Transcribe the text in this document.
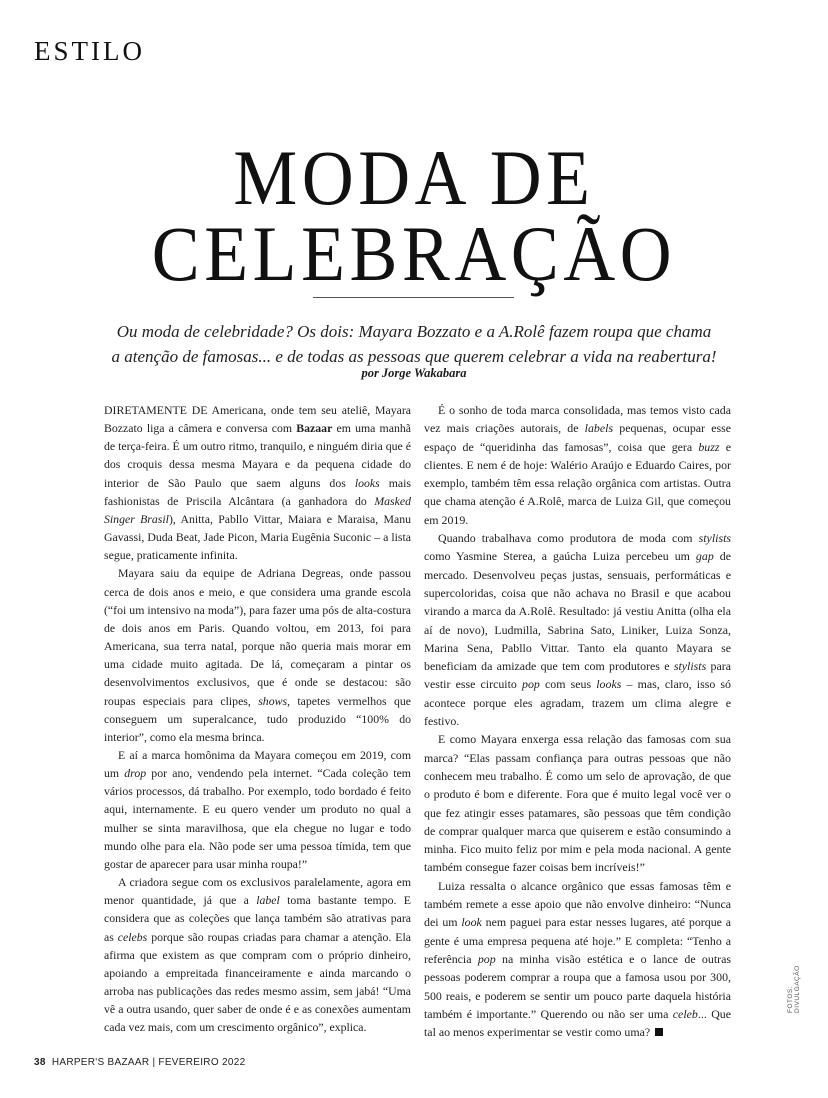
ESTILO
MODA DE
CELEBRAÇÃO
Ou moda de celebridade? Os dois: Mayara Bozzato e a A.Rolê fazem roupa que chama
a atenção de famosas... e de todas as pessoas que querem celebrar a vida na reabertura!
por Jorge Wakabara

DIRETAMENTE DE Americana, onde tem seu ateliê, Mayara Bozzato liga a câmera e conversa com Bazaar em uma manhã de terça-feira. É um outro ritmo, tranquilo, e ninguém diria que é dos croquis dessa mesma Mayara e da pequena cidade do interior de São Paulo que saem alguns dos looks mais fashionistas de Priscila Alcântara (a ganhadora do Masked Singer Brasil), Anitta, Pabllo Vittar, Maiara e Maraisa, Manu Gavassi, Duda Beat, Jade Picon, Maria Eugênia Suconic – a lista segue, praticamente infinita.

Mayara saiu da equipe de Adriana Degreas, onde passou cerca de dois anos e meio, e que considera uma grande escola (“foi um intensivo na moda”), para fazer uma pós de alta-costura de dois anos em Paris. Quando voltou, em 2013, foi para Americana, sua terra natal, porque não queria mais morar em uma cidade muito agitada. De lá, começaram a pintar os desenvolvimentos exclusivos, que é onde se destacou: são roupas especiais para clipes, shows, tapetes vermelhos que conseguem um superalcance, tudo produzido “100% do interior”, como ela mesma brinca.

E aí a marca homônima da Mayara começou em 2019, com um drop por ano, vendendo pela internet. “Cada coleção tem vários processos, dá trabalho. Por exemplo, todo bordado é feito aqui, internamente. E eu quero vender um produto no qual a mulher se sinta maravilhosa, que ela chegue no lugar e todo mundo olhe para ela. Não pode ser uma pessoa tímida, tem que gostar de aparecer para usar minha roupa!”

A criadora segue com os exclusivos paralelamente, agora em menor quantidade, já que a label toma bastante tempo. E considera que as coleções que lança também são atrativas para as celebs porque são roupas criadas para chamar a atenção. Ela afirma que existem as que compram com o próprio dinheiro, apoiando a empreitada financeiramente e ainda marcando o arroba nas publicações das redes mesmo assim, sem jabá! “Uma vê a outra usando, quer saber de onde é e as conexões aumentam cada vez mais, com um crescimento orgânico”, explica.

É o sonho de toda marca consolidada, mas temos visto cada vez mais criações autorais, de labels pequenas, ocupar esse espaço de “queridinha das famosas”, coisa que gera buzz e clientes. E nem é de hoje: Walério Araújo e Eduardo Caires, por exemplo, também têm essa relação orgânica com artistas. Outra que chama atenção é A.Rolê, marca de Luiza Gil, que começou em 2019.

Quando trabalhava como produtora de moda com stylists como Yasmine Sterea, a gaúcha Luiza percebeu um gap de mercado. Desenvolveu peças justas, sensuais, performáticas e supercoloridas, coisa que não achava no Brasil e que acabou virando a marca da A.Rolê. Resultado: já vestiu Anitta (olha ela aí de novo), Ludmilla, Sabrina Sato, Liniker, Luiza Sonza, Marina Sena, Pabllo Vittar. Tanto ela quanto Mayara se beneficiam da amizade que tem com produtores e stylists para vestir esse circuito pop com seus looks – mas, claro, isso só acontece porque eles agradam, trazem um clima alegre e festivo.

E como Mayara enxerga essa relação das famosas com sua marca? “Elas passam confiança para outras pessoas que não conhecem meu trabalho. É como um selo de aprovação, de que o produto é bom e diferente. Fora que é muito legal você ver o que fez atingir esses patamares, são pessoas que têm condição de comprar qualquer marca que quiserem e estão consumindo a minha. Fico muito feliz por mim e pela moda nacional. A gente também consegue fazer coisas bem incríveis!”

Luiza ressalta o alcance orgânico que essas famosas têm e também remete a esse apoio que não envolve dinheiro: “Nunca dei um look nem paguei para estar nesses lugares, até porque a gente é uma empresa pequena até hoje.” E completa: “Tenho a referência pop na minha visão estética e o lance de outras pessoas poderem comprar a roupa que a famosa usou por 300, 500 reais, e poderem se sentir um pouco parte daquela história também é importante.” Querendo ou não ser uma celeb... Que tal ao menos experimentar se vestir como uma?

FOTOS: DIVULGAÇÃO
38 HARPER'S BAZAAR | FEVEREIRO 2022
